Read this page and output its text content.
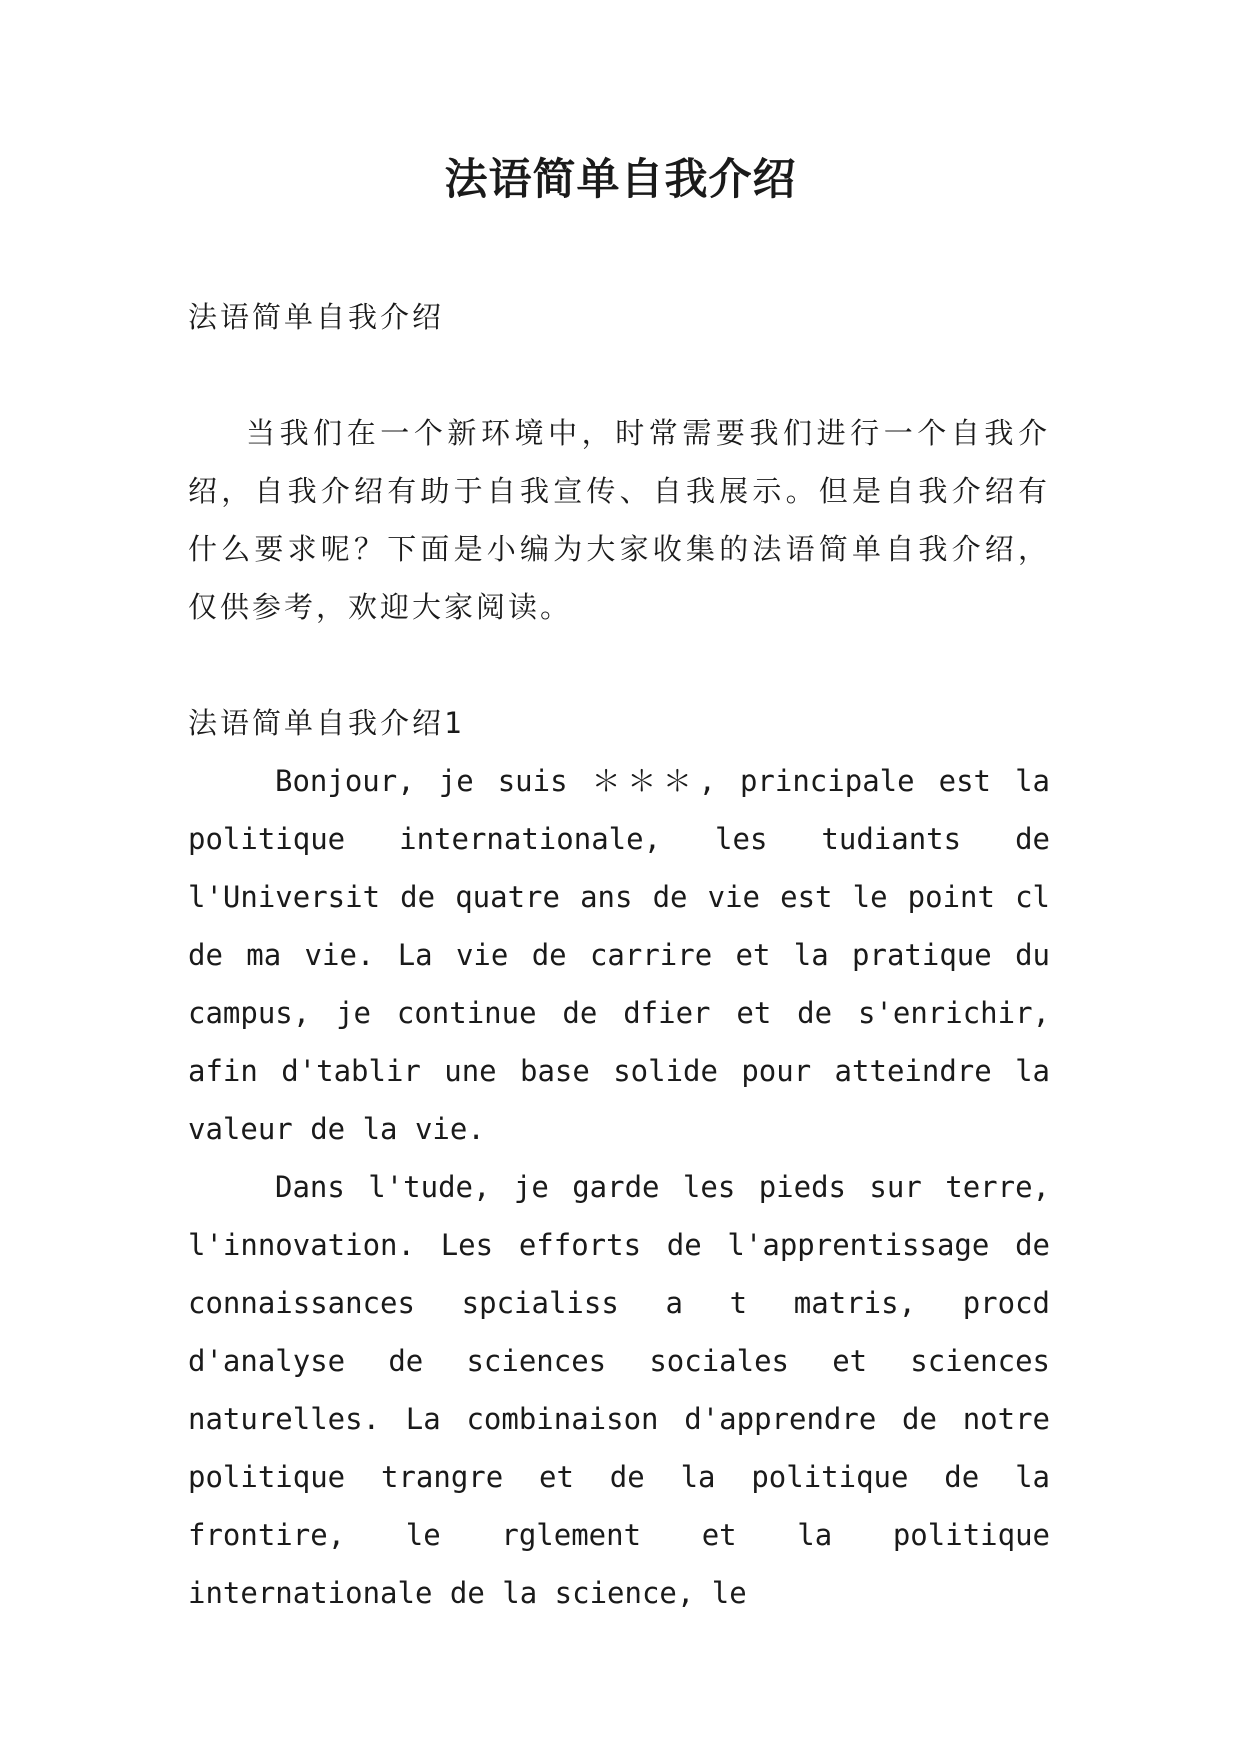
法语简单自我介绍

法语简单自我介绍

当我们在一个新环境中，时常需要我们进行一个自我介绍，自我介绍有助于自我宣传、自我展示。但是自我介绍有什么要求呢？下面是小编为大家收集的法语简单自我介绍，仅供参考，欢迎大家阅读。

法语简单自我介绍1

Bonjour, je suis ＊＊＊, principale est la politique internationale, les tudiants de l'Universit de quatre ans de vie est le point cl de ma vie. La vie de carrire et la pratique du campus, je continue de dfier et de s'enrichir, afin d'tablir une base solide pour atteindre la valeur de la vie.

Dans l'tude, je garde les pieds sur terre, l'innovation. Les efforts de l'apprentissage de connaissances spcialiss a t matris, procd d'analyse de sciences sociales et sciences naturelles. La combinaison d'apprendre de notre politique trangre et de la politique de la frontire, le rglement et la politique internationale de la science, le
